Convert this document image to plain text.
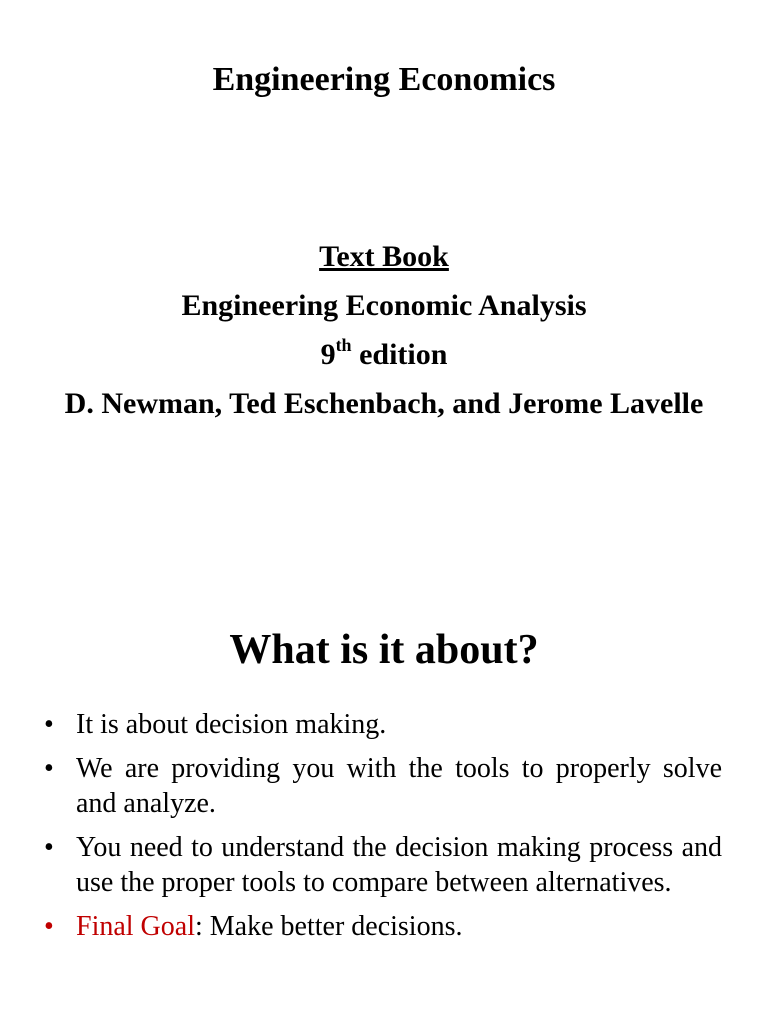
Engineering Economics
Text Book
Engineering Economic Analysis
9th edition
D. Newman, Ted Eschenbach, and Jerome Lavelle
What is it about?
• It is about decision making.
• We are providing you with the tools to properly solve and analyze.
• You need to understand the decision making process and use the proper tools to compare between alternatives.
• Final Goal: Make better decisions.
